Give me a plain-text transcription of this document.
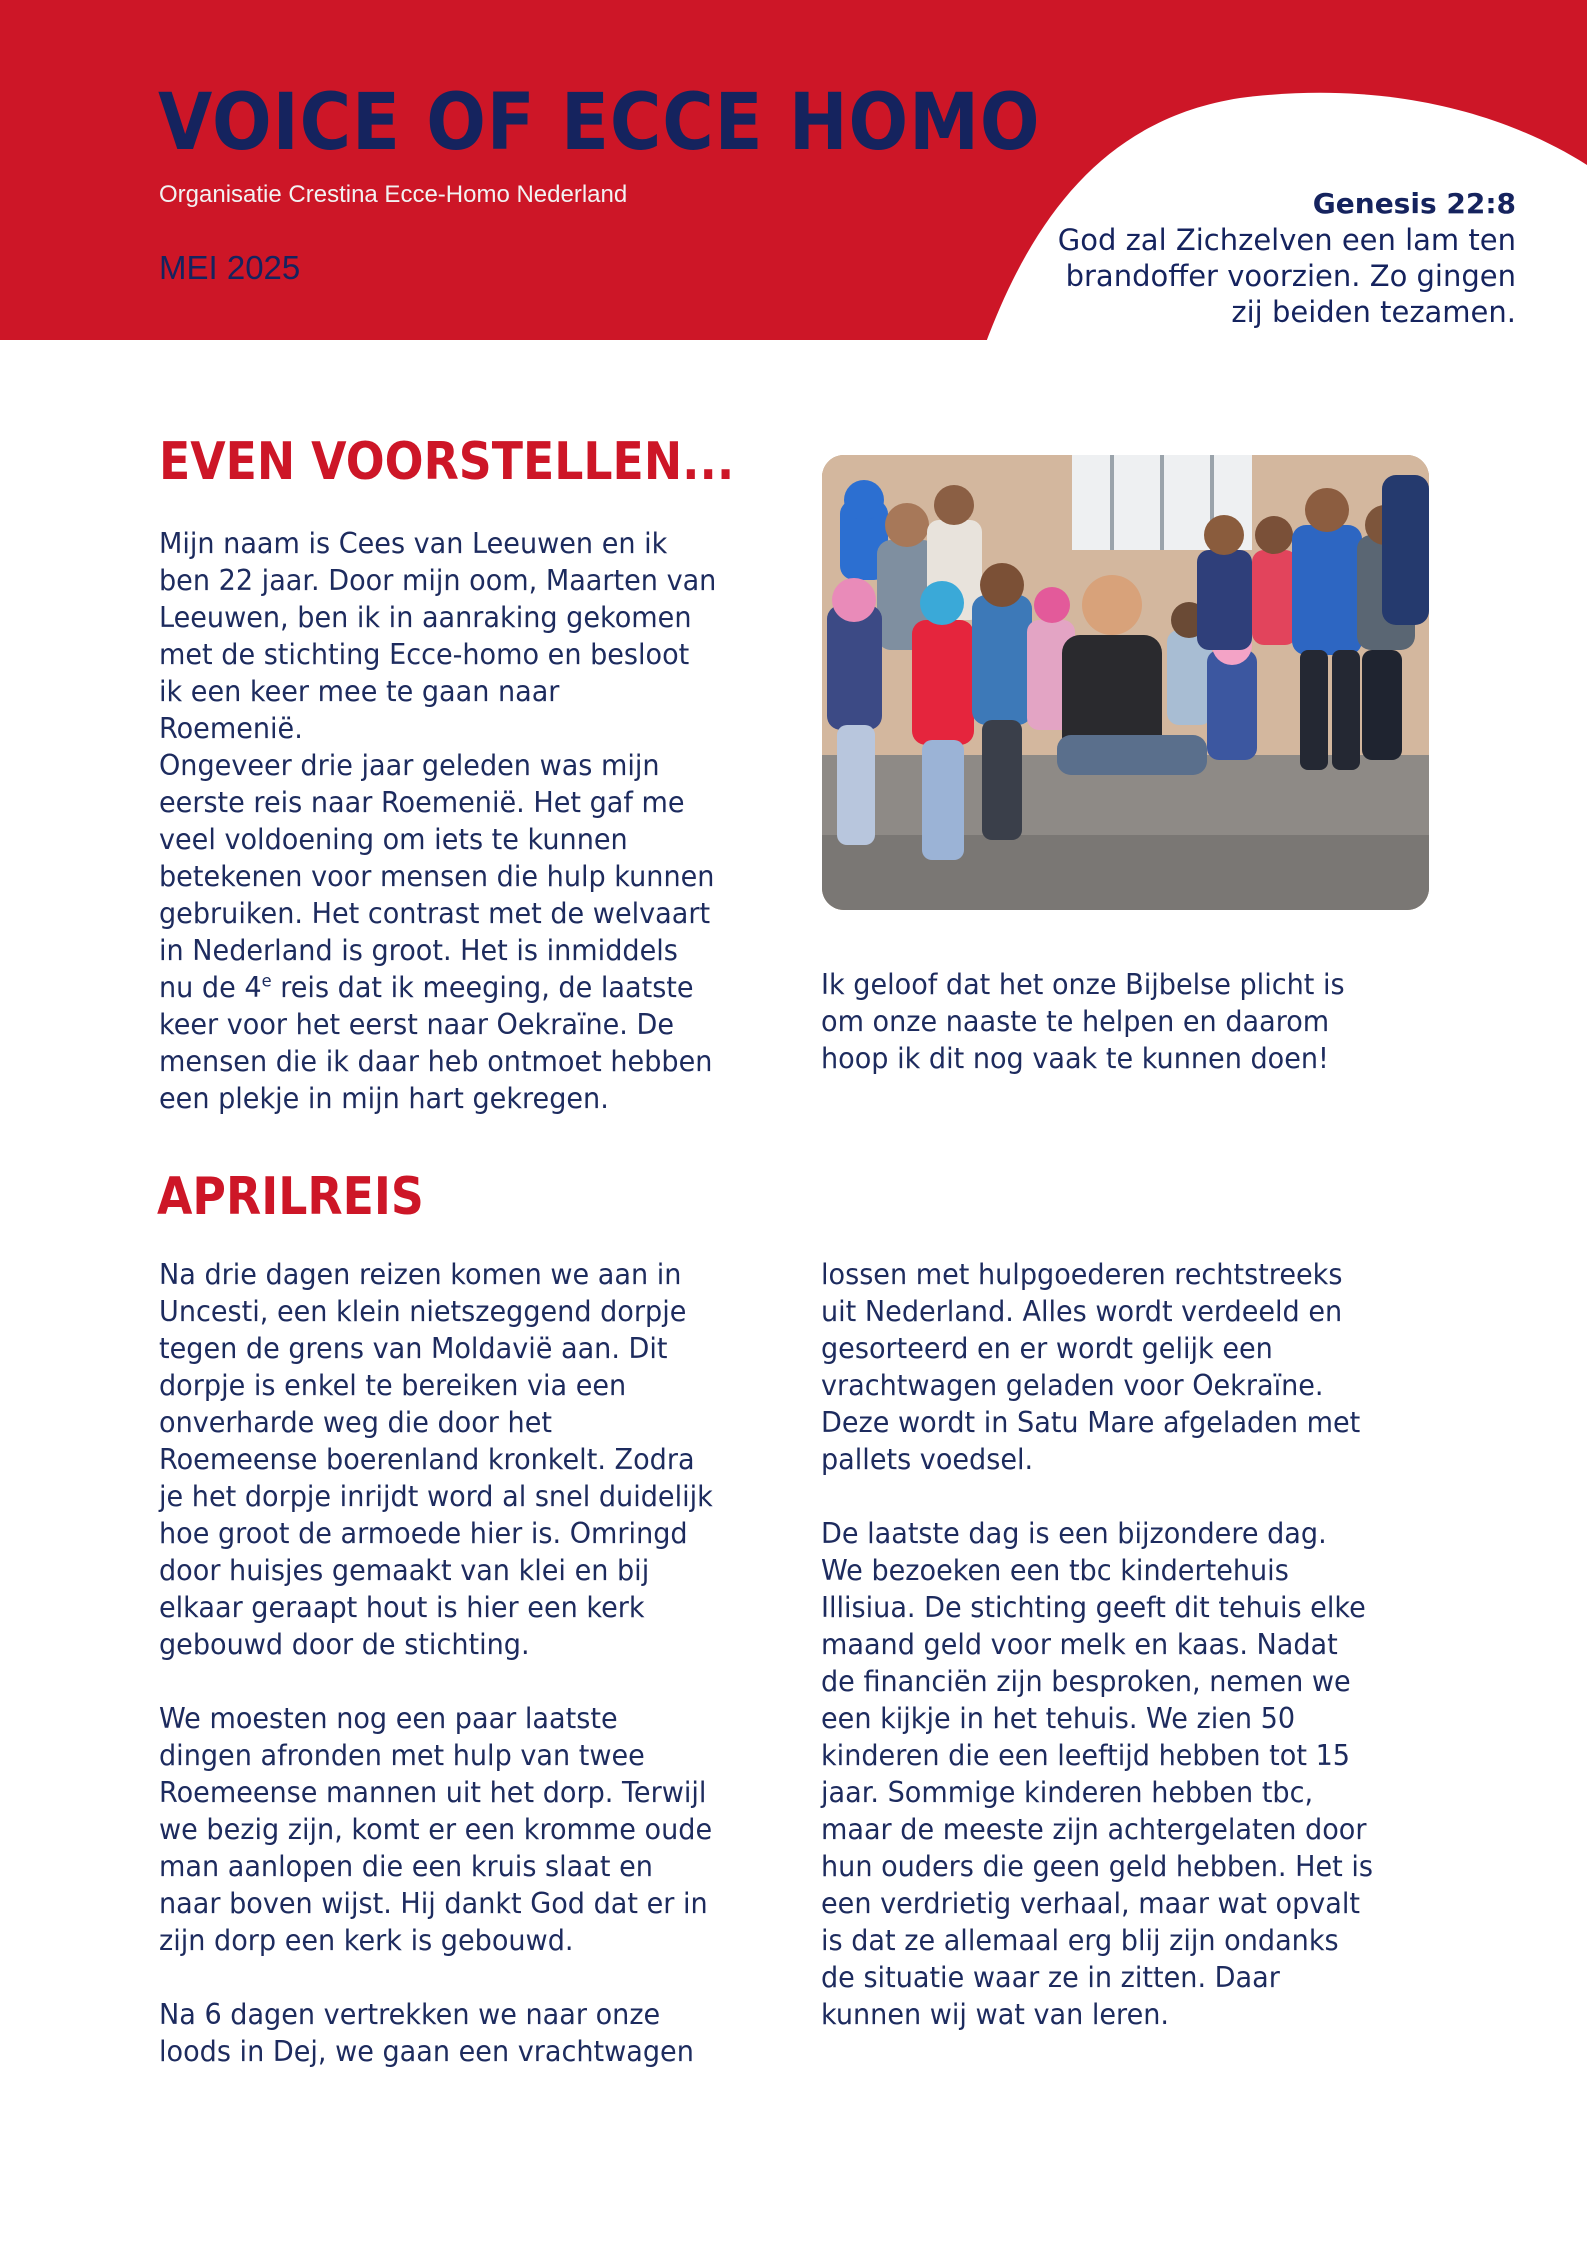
VOICE OF ECCE HOMO
Organisatie Crestina Ecce-Homo Nederland
MEI 2025
Genesis 22:8
God zal Zichzelven een lam ten brandoffer voorzien. Zo gingen zij beiden tezamen.
EVEN VOORSTELLEN...

Mijn naam is Cees van Leeuwen en ik
ben 22 jaar. Door mijn oom, Maarten van
Leeuwen, ben ik in aanraking gekomen
met de stichting Ecce-homo en besloot
ik een keer mee te gaan naar
Roemenië.
Ongeveer drie jaar geleden was mijn
eerste reis naar Roemenië. Het gaf me
veel voldoening om iets te kunnen
betekenen voor mensen die hulp kunnen
gebruiken. Het contrast met de welvaart
in Nederland is groot. Het is inmiddels
nu de 4e reis dat ik meeging, de laatste
keer voor het eerst naar Oekraïne. De
mensen die ik daar heb ontmoet hebben
een plekje in mijn hart gekregen.

Ik geloof dat het onze Bijbelse plicht is
om onze naaste te helpen en daarom
hoop ik dit nog vaak te kunnen doen!

APRILREIS

Na drie dagen reizen komen we aan in
Uncesti, een klein nietszeggend dorpje
tegen de grens van Moldavië aan. Dit
dorpje is enkel te bereiken via een
onverharde weg die door het
Roemeense boerenland kronkelt. Zodra
je het dorpje inrijdt word al snel duidelijk
hoe groot de armoede hier is. Omringd
door huisjes gemaakt van klei en bij
elkaar geraapt hout is hier een kerk
gebouwd door de stichting.

We moesten nog een paar laatste
dingen afronden met hulp van twee
Roemeense mannen uit het dorp. Terwijl
we bezig zijn, komt er een kromme oude
man aanlopen die een kruis slaat en
naar boven wijst. Hij dankt God dat er in
zijn dorp een kerk is gebouwd.

Na 6 dagen vertrekken we naar onze
loods in Dej, we gaan een vrachtwagen

lossen met hulpgoederen rechtstreeks
uit Nederland. Alles wordt verdeeld en
gesorteerd en er wordt gelijk een
vrachtwagen geladen voor Oekraïne.
Deze wordt in Satu Mare afgeladen met
pallets voedsel.

De laatste dag is een bijzondere dag.
We bezoeken een tbc kindertehuis
Illisiua. De stichting geeft dit tehuis elke
maand geld voor melk en kaas. Nadat
de financiën zijn besproken, nemen we
een kijkje in het tehuis. We zien 50
kinderen die een leeftijd hebben tot 15
jaar. Sommige kinderen hebben tbc,
maar de meeste zijn achtergelaten door
hun ouders die geen geld hebben. Het is
een verdrietig verhaal, maar wat opvalt
is dat ze allemaal erg blij zijn ondanks
de situatie waar ze in zitten. Daar
kunnen wij wat van leren.
